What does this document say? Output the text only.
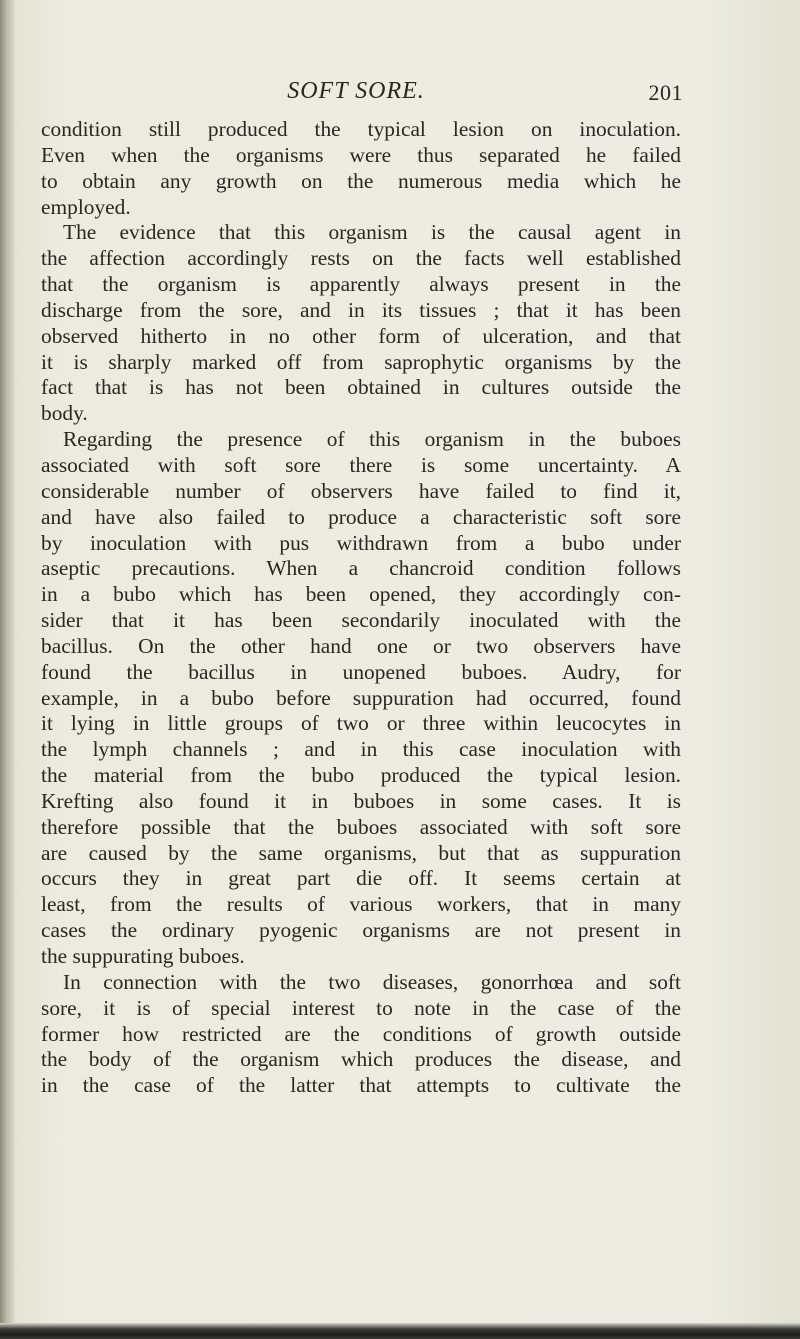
SOFT SORE.	201
condition still produced the typical lesion on inoculation.
Even when the organisms were thus separated he failed
to obtain any growth on the numerous media which he
employed.
The evidence that this organism is the causal agent in
the affection accordingly rests on the facts well established
that the organism is apparently always present in the
discharge from the sore, and in its tissues ; that it has been
observed hitherto in no other form of ulceration, and that
it is sharply marked off from saprophytic organisms by the
fact that is has not been obtained in cultures outside the
body.
Regarding the presence of this organism in the buboes
associated with soft sore there is some uncertainty. A
considerable number of observers have failed to find it,
and have also failed to produce a characteristic soft sore
by inoculation with pus withdrawn from a bubo under
aseptic precautions. When a chancroid condition follows
in a bubo which has been opened, they accordingly con-
sider that it has been secondarily inoculated with the
bacillus. On the other hand one or two observers have
found the bacillus in unopened buboes. Audry, for
example, in a bubo before suppuration had occurred, found
it lying in little groups of two or three within leucocytes in
the lymph channels ; and in this case inoculation with
the material from the bubo produced the typical lesion.
Krefting also found it in buboes in some cases. It is
therefore possible that the buboes associated with soft sore
are caused by the same organisms, but that as suppuration
occurs they in great part die off. It seems certain at
least, from the results of various workers, that in many
cases the ordinary pyogenic organisms are not present in
the suppurating buboes.
In connection with the two diseases, gonorrhœa and soft
sore, it is of special interest to note in the case of the
former how restricted are the conditions of growth outside
the body of the organism which produces the disease, and
in the case of the latter that attempts to cultivate the
